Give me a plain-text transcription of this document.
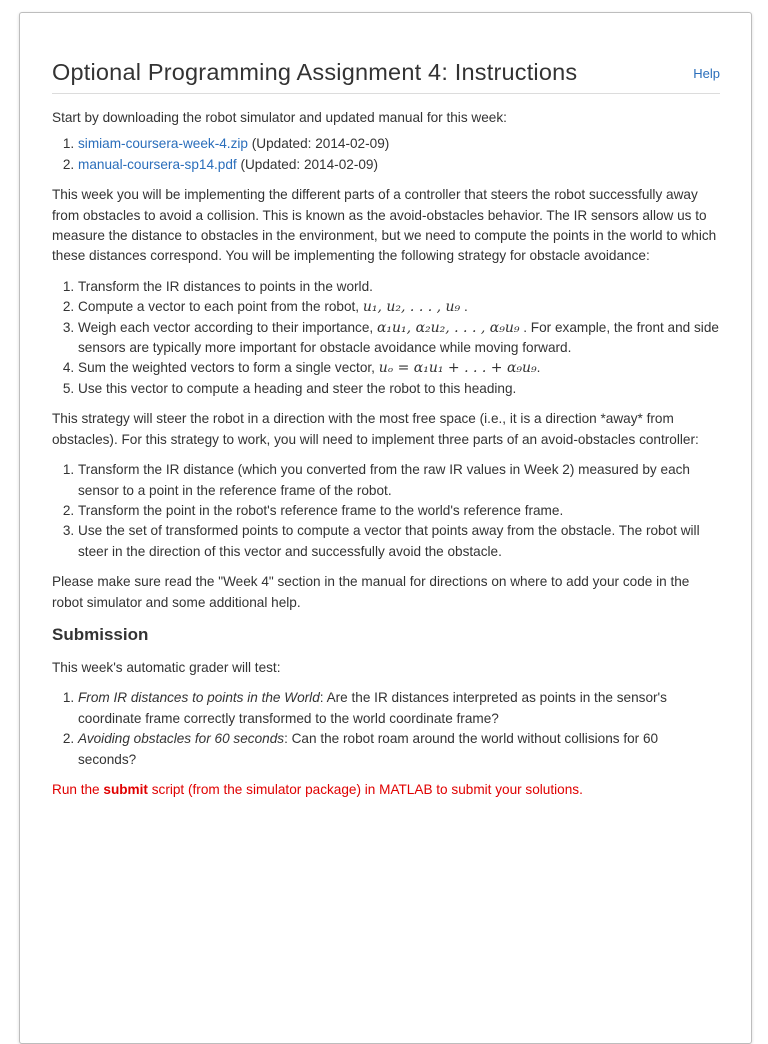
Optional Programming Assignment 4: Instructions	Help

Start by downloading the robot simulator and updated manual for this week:

1. simiam-coursera-week-4.zip (Updated: 2014-02-09)
2. manual-coursera-sp14.pdf (Updated: 2014-02-09)

This week you will be implementing the different parts of a controller that steers the robot successfully away from obstacles to avoid a collision. This is known as the avoid-obstacles behavior. The IR sensors allow us to measure the distance to obstacles in the environment, but we need to compute the points in the world to which these distances correspond. You will be implementing the following strategy for obstacle avoidance:

1. Transform the IR distances to points in the world.
2. Compute a vector to each point from the robot, u₁, u₂, . . . , u₉ .
3. Weigh each vector according to their importance, α₁u₁, α₂u₂, . . . , α₉u₉ . For example, the front and side sensors are typically more important for obstacle avoidance while moving forward.
4. Sum the weighted vectors to form a single vector, uₒ = α₁u₁ + . . . + α₉u₉.
5. Use this vector to compute a heading and steer the robot to this heading.

This strategy will steer the robot in a direction with the most free space (i.e., it is a direction *away* from obstacles). For this strategy to work, you will need to implement three parts of an avoid-obstacles controller:

1. Transform the IR distance (which you converted from the raw IR values in Week 2) measured by each sensor to a point in the reference frame of the robot.
2. Transform the point in the robot's reference frame to the world's reference frame.
3. Use the set of transformed points to compute a vector that points away from the obstacle. The robot will steer in the direction of this vector and successfully avoid the obstacle.

Please make sure read the "Week 4" section in the manual for directions on where to add your code in the robot simulator and some additional help.

Submission

This week's automatic grader will test:

1. From IR distances to points in the World: Are the IR distances interpreted as points in the sensor's coordinate frame correctly transformed to the world coordinate frame?
2. Avoiding obstacles for 60 seconds: Can the robot roam around the world without collisions for 60 seconds?

Run the submit script (from the simulator package) in MATLAB to submit your solutions.
